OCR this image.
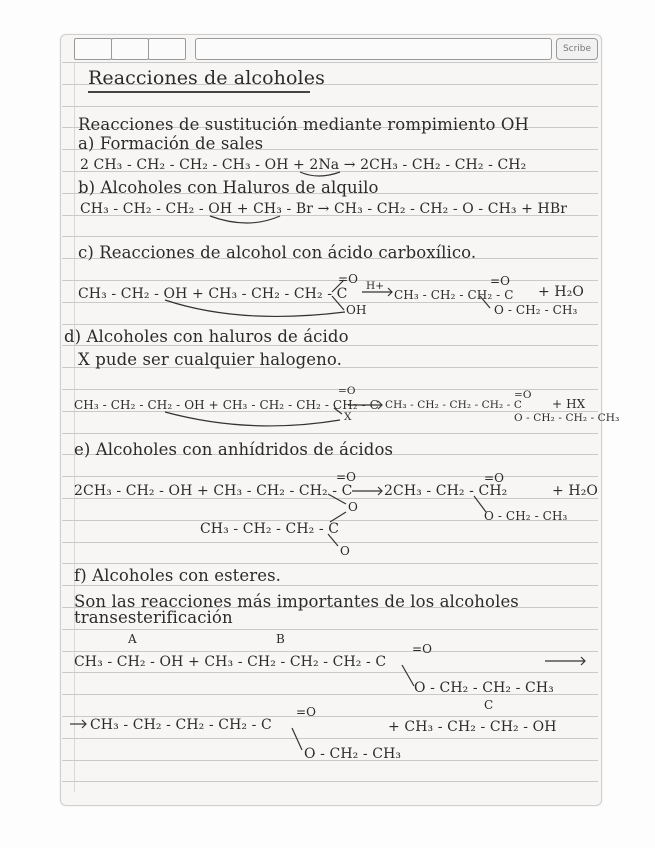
Scribe
Reacciones de alcoholes
Reacciones de sustitución mediante rompimiento OH
a) Formación de sales
2 CH₃ - CH₂ - CH₂ - CH₃ - OH + 2Na → 2CH₃ - CH₂ - CH₂ - CH₂
b) Alcoholes con Haluros de alquilo
CH₃ - CH₂ - CH₂ - OH + CH₃ - Br → CH₃ - CH₂ - CH₂ - O - CH₃ + HBr
c) Reacciones de alcohol con ácido carboxílico.
CH₃ - CH₂ - OH + CH₃ - CH₂ - CH₂ - C
=O
OH
H+
CH₃ - CH₂ - CH₂ - C
=O
O - CH₂ - CH₃
+ H₂O
d) Alcoholes con haluros de ácido
X pude ser cualquier halogeno.
CH₃ - CH₂ - CH₂ - OH + CH₃ - CH₂ - CH₂ - CH₂ - C
=O
X
CH₃ - CH₂ - CH₂ - CH₂ - C
=O
O - CH₂ - CH₂ - CH₃
+ HX
e) Alcoholes con anhídridos de ácidos
2CH₃ - CH₂ - OH + CH₃ - CH₂ - CH₂ - C
=O
O
2CH₃ - CH₂ - CH₂
=O
O - CH₂ - CH₃
+ H₂O
CH₃ - CH₂ - CH₂ - C
O
f) Alcoholes con esteres.
Son las reacciones más importantes de los alcoholes
transesterificación
A	B
CH₃ - CH₂ - OH + CH₃ - CH₂ - CH₂ - CH₂ - C
=O
O - CH₂ - CH₂ - CH₃
C
CH₃ - CH₂ - CH₂ - CH₂ - C
=O
O - CH₂ - CH₃
+ CH₃ - CH₂ - CH₂ - OH
